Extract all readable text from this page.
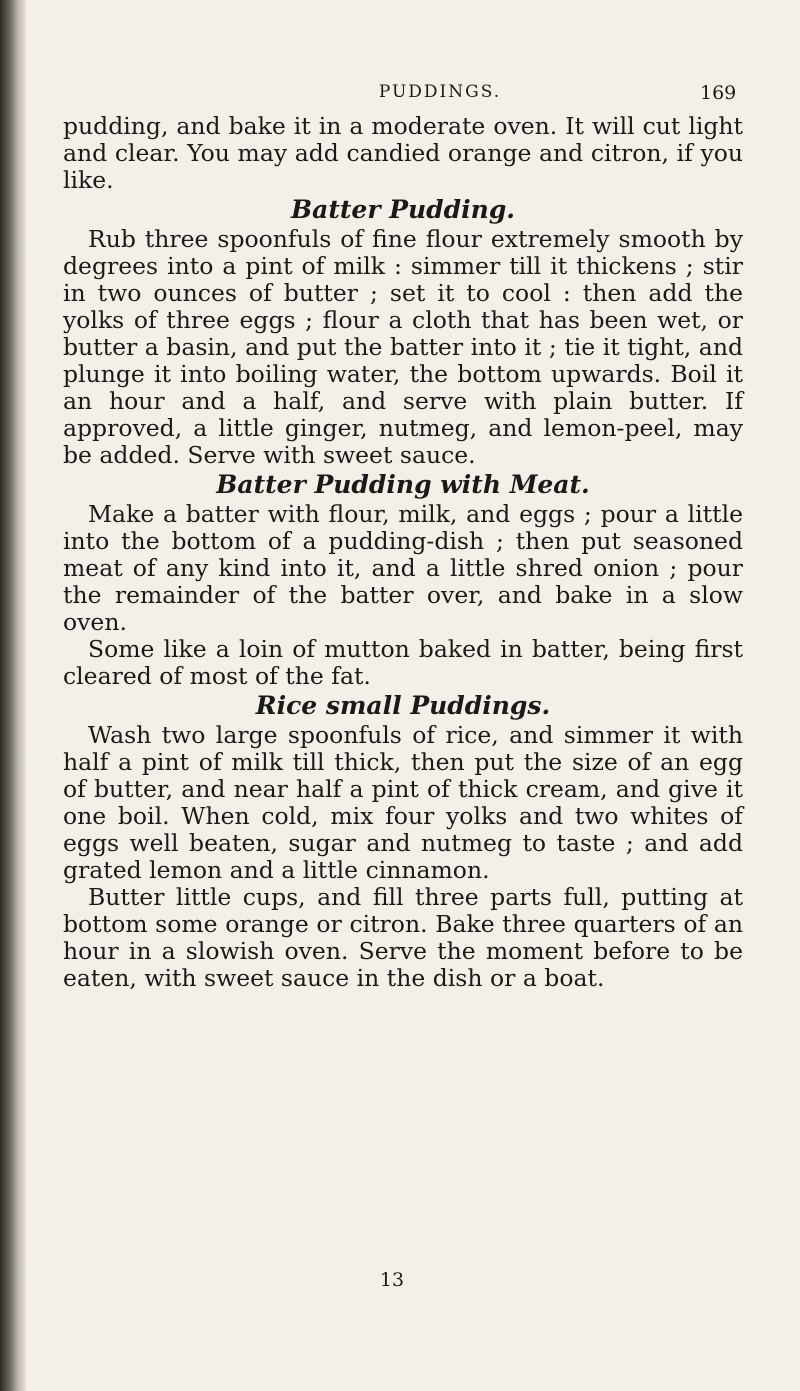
PUDDINGS.	169

pudding, and bake it in a moderate oven. It will cut light and clear. You may add candied orange and citron, if you like.

Batter Pudding.

Rub three spoonfuls of fine flour extremely smooth by degrees into a pint of milk : simmer till it thickens ; stir in two ounces of butter ; set it to cool : then add the yolks of three eggs ; flour a cloth that has been wet, or butter a basin, and put the batter into it ; tie it tight, and plunge it into boiling water, the bottom upwards. Boil it an hour and a half, and serve with plain butter. If approved, a little ginger, nutmeg, and lemon-peel, may be added. Serve with sweet sauce.

Batter Pudding with Meat.

Make a batter with flour, milk, and eggs ; pour a little into the bottom of a pudding-dish ; then put seasoned meat of any kind into it, and a little shred onion ; pour the remainder of the batter over, and bake in a slow oven.

Some like a loin of mutton baked in batter, being first cleared of most of the fat.

Rice small Puddings.

Wash two large spoonfuls of rice, and simmer it with half a pint of milk till thick, then put the size of an egg of butter, and near half a pint of thick cream, and give it one boil. When cold, mix four yolks and two whites of eggs well beaten, sugar and nutmeg to taste ; and add grated lemon and a little cinnamon.

Butter little cups, and fill three parts full, putting at bottom some orange or citron. Bake three quarters of an hour in a slowish oven. Serve the moment before to be eaten, with sweet sauce in the dish or a boat.

13
